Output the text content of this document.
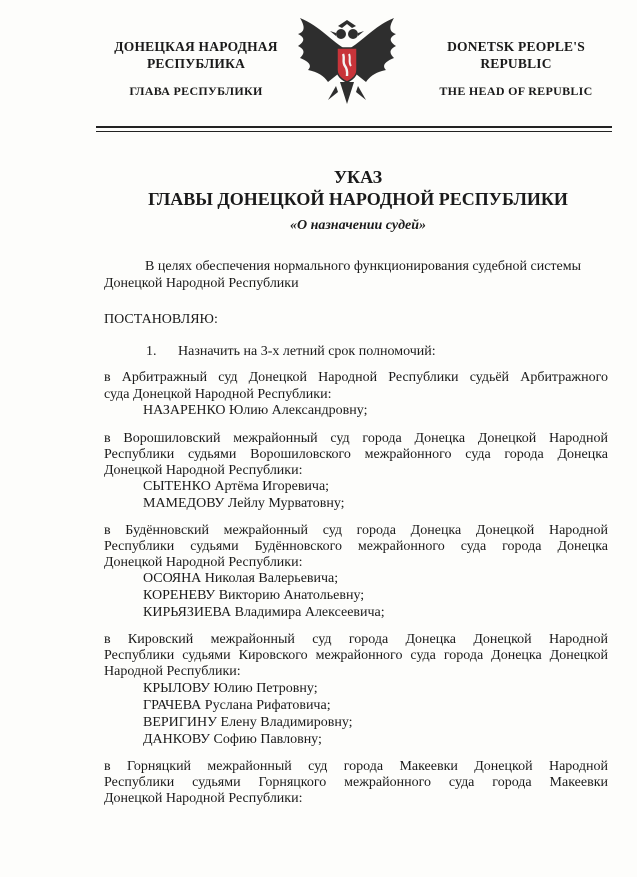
ДОНЕЦКАЯ НАРОДНАЯ
РЕСПУБЛИКА
ГЛАВА РЕСПУБЛИКИ
DONETSK PEOPLE'S
REPUBLIC
THE HEAD OF REPUBLIC
УКАЗ
ГЛАВЫ ДОНЕЦКОЙ НАРОДНОЙ РЕСПУБЛИКИ
«О назначении судей»
В целях обеспечения нормального функционирования судебной системы
Донецкой Народной Республики
ПОСТАНОВЛЯЮ:
1. Назначить на 3-х летний срок полномочий:
в Арбитражный суд Донецкой Народной Республики судьёй Арбитражного
суда Донецкой Народной Республики:
НАЗАРЕНКО Юлию Александровну;
в Ворошиловский межрайонный суд города Донецка Донецкой Народной
Республики судьями Ворошиловского межрайонного суда города Донецка
Донецкой Народной Республики:
СЫТЕНКО Артёма Игоревича;
МАМЕДОВУ Лейлу Мурватовну;
в Будённовский межрайонный суд города Донецка Донецкой Народной
Республики судьями Будённовского межрайонного суда города Донецка
Донецкой Народной Республики:
ОСОЯНА Николая Валерьевича;
КОРЕНЕВУ Викторию Анатольевну;
КИРЬЯЗИЕВА Владимира Алексеевича;
в Кировский межрайонный суд города Донецка Донецкой Народной
Республики судьями Кировского межрайонного суда города Донецка Донецкой
Народной Республики:
КРЫЛОВУ Юлию Петровну;
ГРАЧЕВА Руслана Рифатовича;
ВЕРИГИНУ Елену Владимировну;
ДАНКОВУ Софию Павловну;
в Горняцкий межрайонный суд города Макеевки Донецкой Народной
Республики судьями Горняцкого межрайонного суда города Макеевки
Донецкой Народной Республики:
